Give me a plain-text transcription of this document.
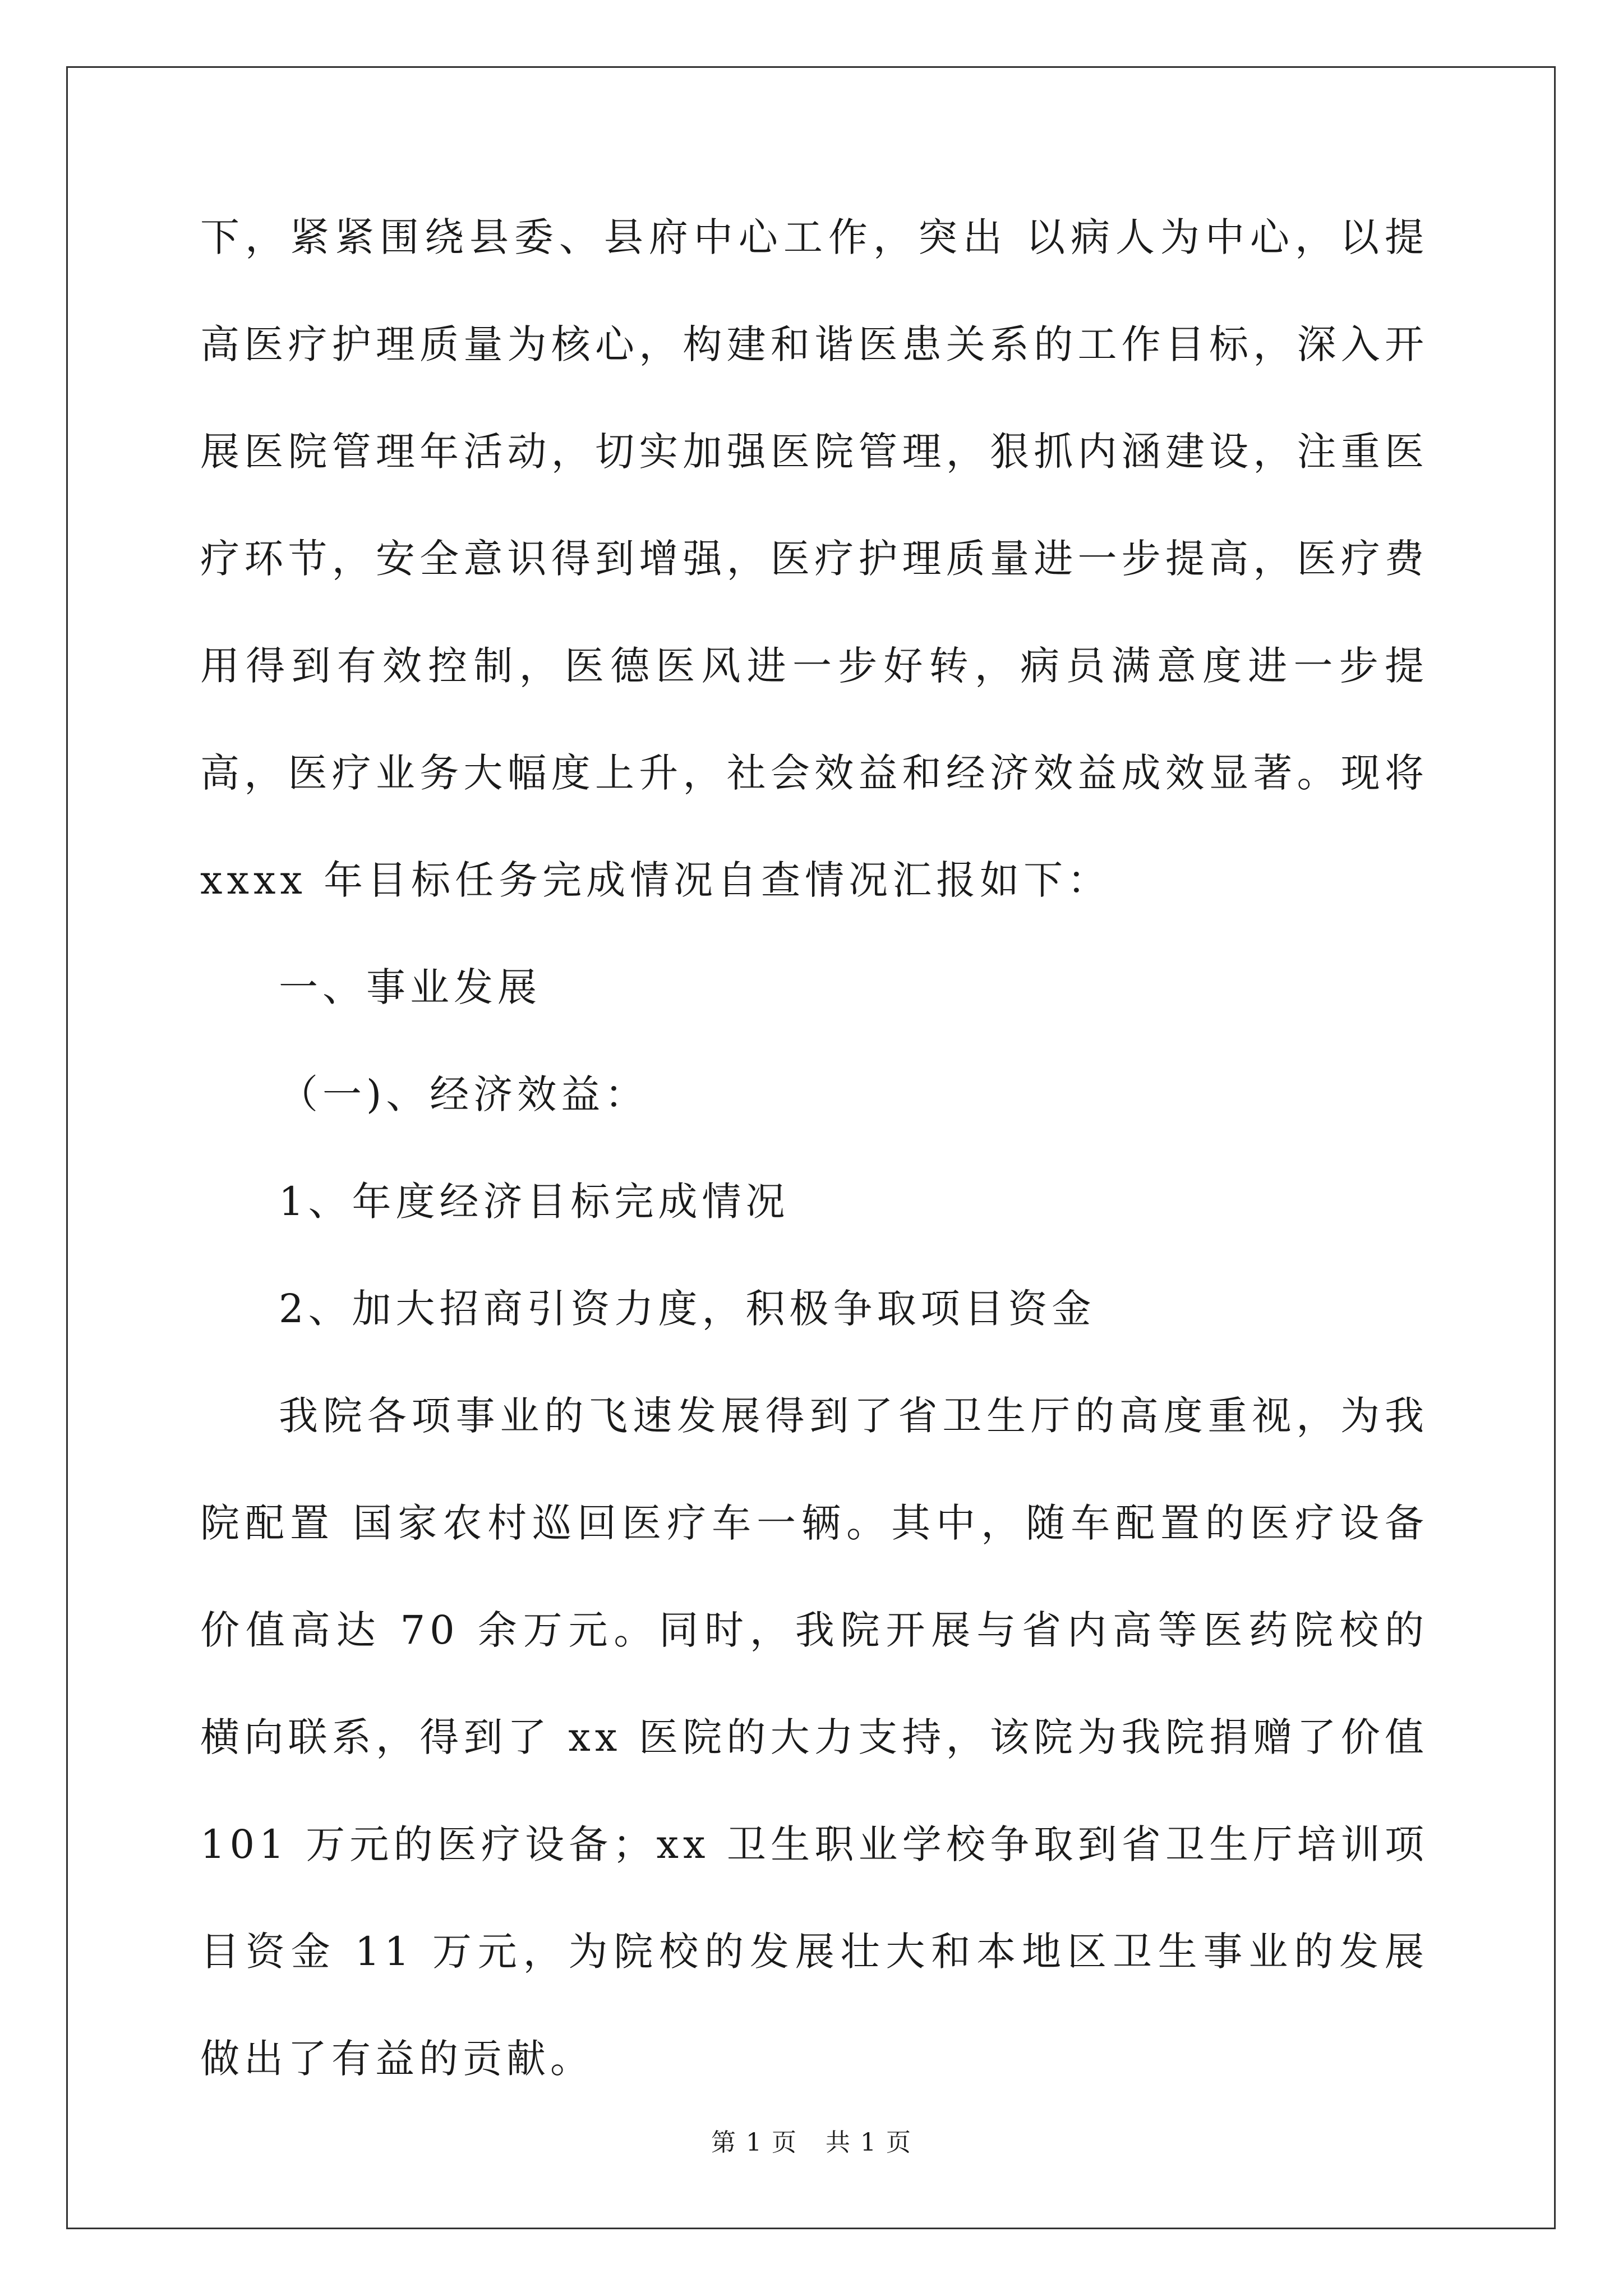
下，紧紧围绕县委、县府中心工作，突出 以病人为中心，以提高医疗护理质量为核心，构建和谐医患关系的工作目标，深入开展医院管理年活动，切实加强医院管理，狠抓内涵建设，注重医疗环节，安全意识得到增强，医疗护理质量进一步提高，医疗费用得到有效控制，医德医风进一步好转，病员满意度进一步提高，医疗业务大幅度上升，社会效益和经济效益成效显著。现将 xxxx 年目标任务完成情况自查情况汇报如下：

一、事业发展

（一)、经济效益：

1、年度经济目标完成情况

2、加大招商引资力度，积极争取项目资金

我院各项事业的飞速发展得到了省卫生厅的高度重视，为我院配置 国家农村巡回医疗车一辆。其中，随车配置的医疗设备价值高达 70 余万元。同时，我院开展与省内高等医药院校的横向联系，得到了 xx 医院的大力支持，该院为我院捐赠了价值 101 万元的医疗设备；xx 卫生职业学校争取到省卫生厅培训项目资金 11 万元，为院校的发展壮大和本地区卫生事业的发展做出了有益的贡献。

第 1 页 共 1 页
